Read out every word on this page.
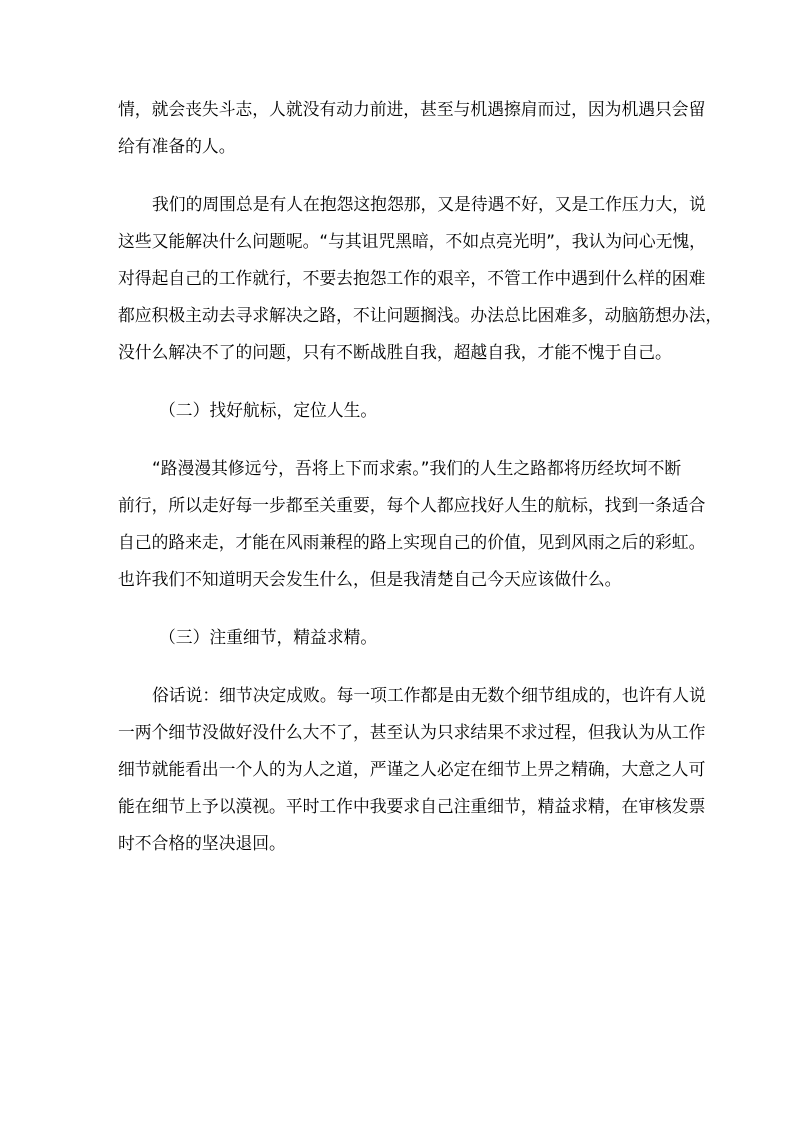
情，就会丧失斗志，人就没有动力前进，甚至与机遇擦肩而过，因为机遇只会留
给有准备的人。
我们的周围总是有人在抱怨这抱怨那，又是待遇不好，又是工作压力大，说
这些又能解决什么问题呢。“与其诅咒黑暗，不如点亮光明”，我认为问心无愧，
对得起自己的工作就行，不要去抱怨工作的艰辛，不管工作中遇到什么样的困难
都应积极主动去寻求解决之路，不让问题搁浅。办法总比困难多，动脑筋想办法，
没什么解决不了的问题，只有不断战胜自我，超越自我，才能不愧于自己。
（二）找好航标，定位人生。
“路漫漫其修远兮，吾将上下而求索。”我们的人生之路都将历经坎坷不断
前行，所以走好每一步都至关重要，每个人都应找好人生的航标，找到一条适合
自己的路来走，才能在风雨兼程的路上实现自己的价值，见到风雨之后的彩虹。
也许我们不知道明天会发生什么，但是我清楚自己今天应该做什么。
（三）注重细节，精益求精。
俗话说：细节决定成败。每一项工作都是由无数个细节组成的，也许有人说
一两个细节没做好没什么大不了，甚至认为只求结果不求过程，但我认为从工作
细节就能看出一个人的为人之道，严谨之人必定在细节上畀之精确，大意之人可
能在细节上予以漠视。平时工作中我要求自己注重细节，精益求精，在审核发票
时不合格的坚决退回。
